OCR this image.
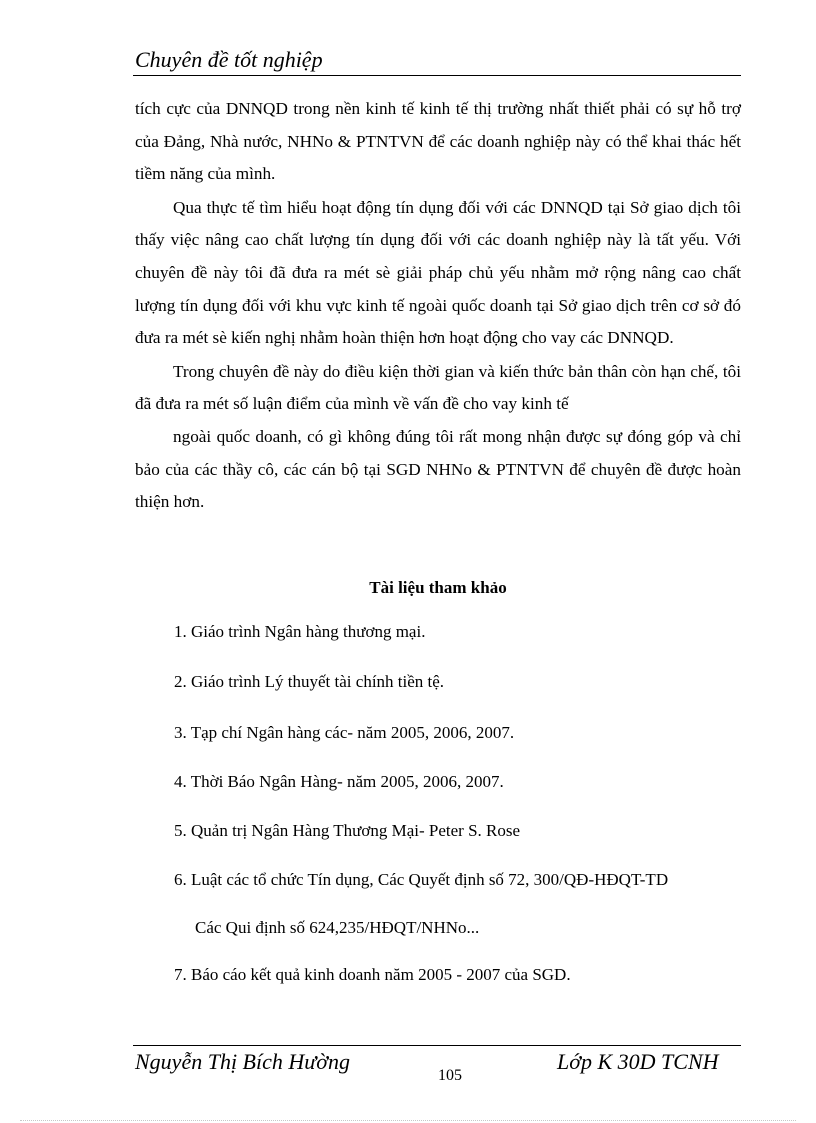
Chuyên đề tốt nghiệp

tích cực của DNNQD trong nền kinh tế kinh tế thị trường nhất thiết phải có sự hỗ trợ của Đảng, Nhà nước, NHNo & PTNTVN để các doanh nghiệp này có thể khai thác hết tiềm năng của mình.

Qua thực tế tìm hiểu hoạt động tín dụng đối với các DNNQD tại Sở giao dịch tôi thấy việc nâng cao chất lượng tín dụng đối với các doanh nghiệp này là tất yếu. Với chuyên đề này tôi đã đưa ra mét sè giải pháp chủ yếu nhằm mở rộng nâng cao chất lượng tín dụng đối với khu vực kinh tế ngoài quốc doanh tại Sở giao dịch trên cơ sở đó đưa ra mét sè kiến nghị nhằm hoàn thiện hơn hoạt động cho vay các DNNQD.

Trong chuyên đề này do điều kiện thời gian và kiến thức bản thân còn hạn chế, tôi đã đưa ra mét số luận điểm của mình về vấn đề cho vay kinh tế

ngoài quốc doanh, có gì không đúng tôi rất mong nhận được sự đóng góp và chỉ bảo của các thầy cô, các cán bộ tại SGD NHNo & PTNTVN để chuyên đề được hoàn thiện hơn.

Tài liệu tham khảo
1. Giáo trình Ngân hàng thương mại.
2. Giáo trình Lý thuyết tài chính tiền tệ.
3. Tạp chí Ngân hàng các- năm 2005, 2006, 2007.
4. Thời Báo Ngân Hàng- năm 2005, 2006, 2007.
5. Quản trị Ngân Hàng Thương Mại- Peter S. Rose
6. Luật các tổ chức Tín dụng, Các Quyết định số 72, 300/QĐ-HĐQT-TD
Các Qui định số 624,235/HĐQT/NHNo...
7. Báo cáo kết quả kinh doanh năm 2005 - 2007 của SGD.
Nguyễn Thị Bích Hường
105
Lớp K 30D TCNH
